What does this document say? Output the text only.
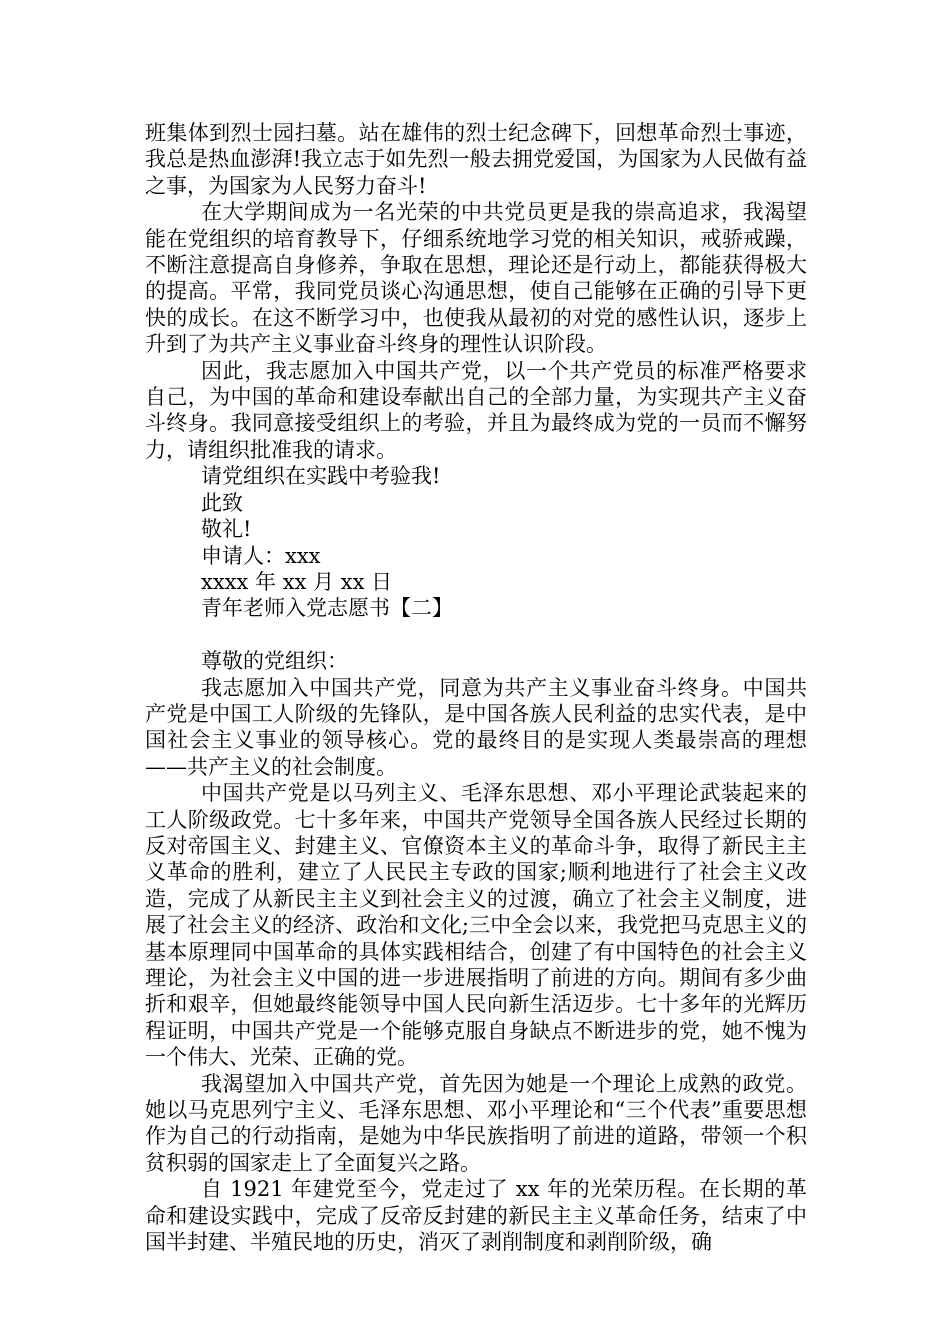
班集体到烈士园扫墓。站在雄伟的烈士纪念碑下，回想革命烈士事迹，我总是热血澎湃!我立志于如先烈一般去拥党爱国，为国家为人民做有益之事，为国家为人民努力奋斗!

在大学期间成为一名光荣的中共党员更是我的崇高追求，我渴望能在党组织的培育教导下，仔细系统地学习党的相关知识，戒骄戒躁，不断注意提高自身修养，争取在思想，理论还是行动上，都能获得极大的提高。平常，我同党员谈心沟通思想，使自己能够在正确的引导下更快的成长。在这不断学习中，也使我从最初的对党的感性认识，逐步上升到了为共产主义事业奋斗终身的理性认识阶段。

因此，我志愿加入中国共产党，以一个共产党员的标准严格要求自己，为中国的革命和建设奉献出自己的全部力量，为实现共产主义奋斗终身。我同意接受组织上的考验，并且为最终成为党的一员而不懈努力，请组织批准我的请求。

请党组织在实践中考验我!
此致
敬礼!
申请人：xxx
xxxx 年 xx 月 xx 日
青年老师入党志愿书【二】
尊敬的党组织：

我志愿加入中国共产党，同意为共产主义事业奋斗终身。中国共产党是中国工人阶级的先锋队，是中国各族人民利益的忠实代表，是中国社会主义事业的领导核心。党的最终目的是实现人类最崇高的理想——共产主义的社会制度。

中国共产党是以马列主义、毛泽东思想、邓小平理论武装起来的工人阶级政党。七十多年来，中国共产党领导全国各族人民经过长期的反对帝国主义、封建主义、官僚资本主义的革命斗争，取得了新民主主义革命的胜利，建立了人民民主专政的国家;顺利地进行了社会主义改造，完成了从新民主主义到社会主义的过渡，确立了社会主义制度，进展了社会主义的经济、政治和文化;三中全会以来，我党把马克思主义的基本原理同中国革命的具体实践相结合，创建了有中国特色的社会主义理论，为社会主义中国的进一步进展指明了前进的方向。期间有多少曲折和艰辛，但她最终能领导中国人民向新生活迈步。七十多年的光辉历程证明，中国共产党是一个能够克服自身缺点不断进步的党，她不愧为一个伟大、光荣、正确的党。

我渴望加入中国共产党，首先因为她是一个理论上成熟的政党。她以马克思列宁主义、毛泽东思想、邓小平理论和“三个代表”重要思想作为自己的行动指南，是她为中华民族指明了前进的道路，带领一个积贫积弱的国家走上了全面复兴之路。

自 1921 年建党至今，党走过了 xx 年的光荣历程。在长期的革命和建设实践中，完成了反帝反封建的新民主主义革命任务，结束了中国半封建、半殖民地的历史，消灭了剥削制度和剥削阶级，确
